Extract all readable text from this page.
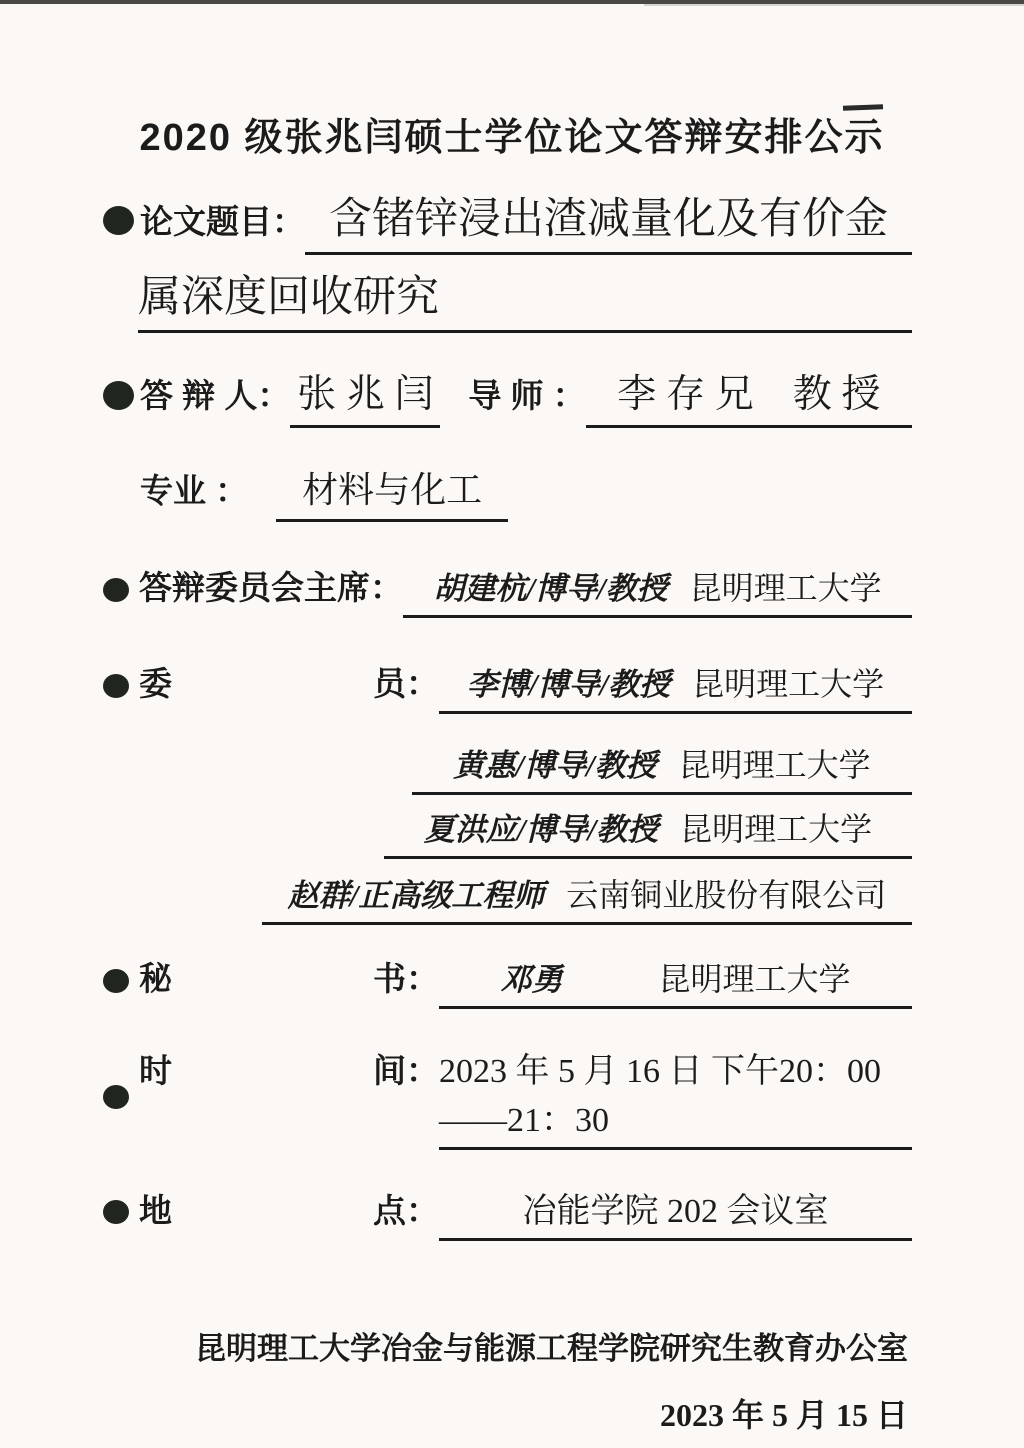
2020 级张兆闫硕士学位论文答辩安排公示
论文题目： 含锗锌浸出渣减量化及有价金
属深度回收研究
答 辩 人： 张 兆 闫 导 师 ： 李 存 兄　教 授
专业 ：	材料与化工
答辩委员会主席： 胡建杭/博导/教授 昆明理工大学
委	员： 李博/博导/教授 昆明理工大学
黄惠/博导/教授 昆明理工大学
夏洪应/博导/教授 昆明理工大学
赵群/正高级工程师 云南铜业股份有限公司
秘	书： 邓勇	昆明理工大学
时	间： 2023 年 5 月 16 日 下午20：00——21：30
地	点：	冶能学院 202 会议室
昆明理工大学冶金与能源工程学院研究生教育办公室
2023 年 5 月 15 日
